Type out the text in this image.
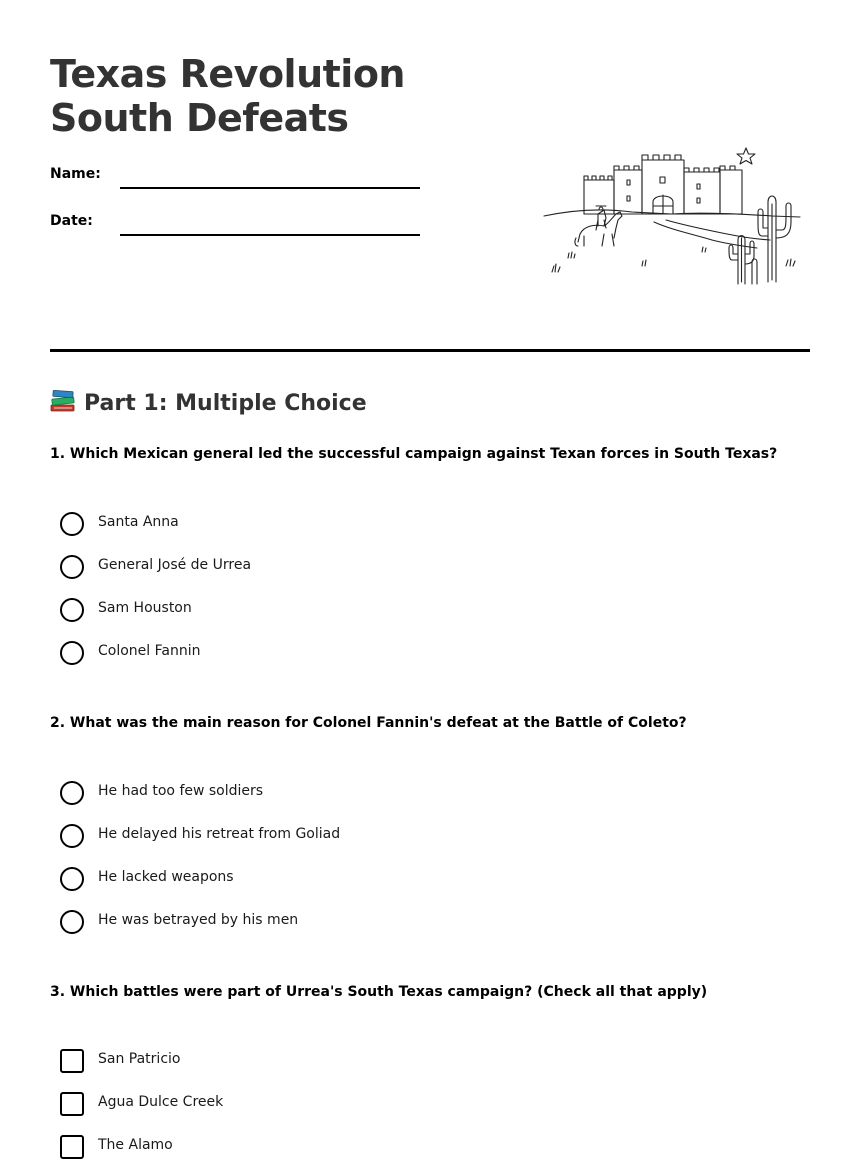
Texas Revolution South Defeats
Name:
Date:
Part 1: Multiple Choice

1. Which Mexican general led the successful campaign against Texan forces in South Texas?

Santa Anna
General José de Urrea
Sam Houston
Colonel Fannin

2. What was the main reason for Colonel Fannin's defeat at the Battle of Coleto?

He had too few soldiers
He delayed his retreat from Goliad
He lacked weapons
He was betrayed by his men

3. Which battles were part of Urrea's South Texas campaign? (Check all that apply)

San Patricio
Agua Dulce Creek
The Alamo
